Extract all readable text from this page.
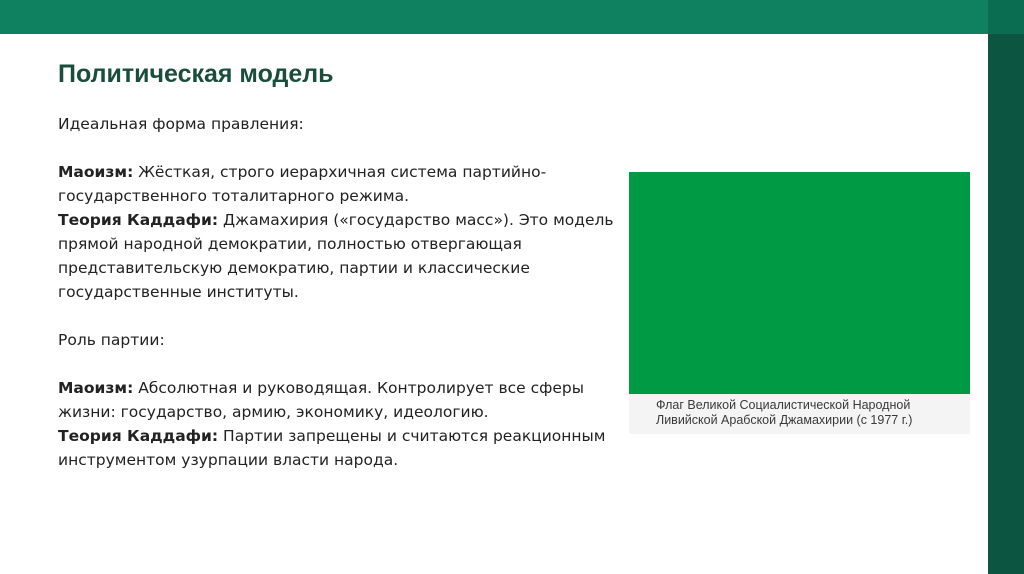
Политическая модель

Идеальная форма правления:

Маоизм: Жёсткая, строго иерархичная система партийно-государственного тоталитарного режима.

Теория Каддафи: Джамахирия («государство масс»). Это модель прямой народной демократии, полностью отвергающая представительскую демократию, партии и классические государственные институты.

Роль партии:

Маоизм: Абсолютная и руководящая. Контролирует все сферы жизни: государство, армию, экономику, идеологию.

Теория Каддафи: Партии запрещены и считаются реакционным инструментом узурпации власти народа.

Флаг Великой Социалистической Народной
Ливийской Арабской Джамахирии (с 1977 г.)
